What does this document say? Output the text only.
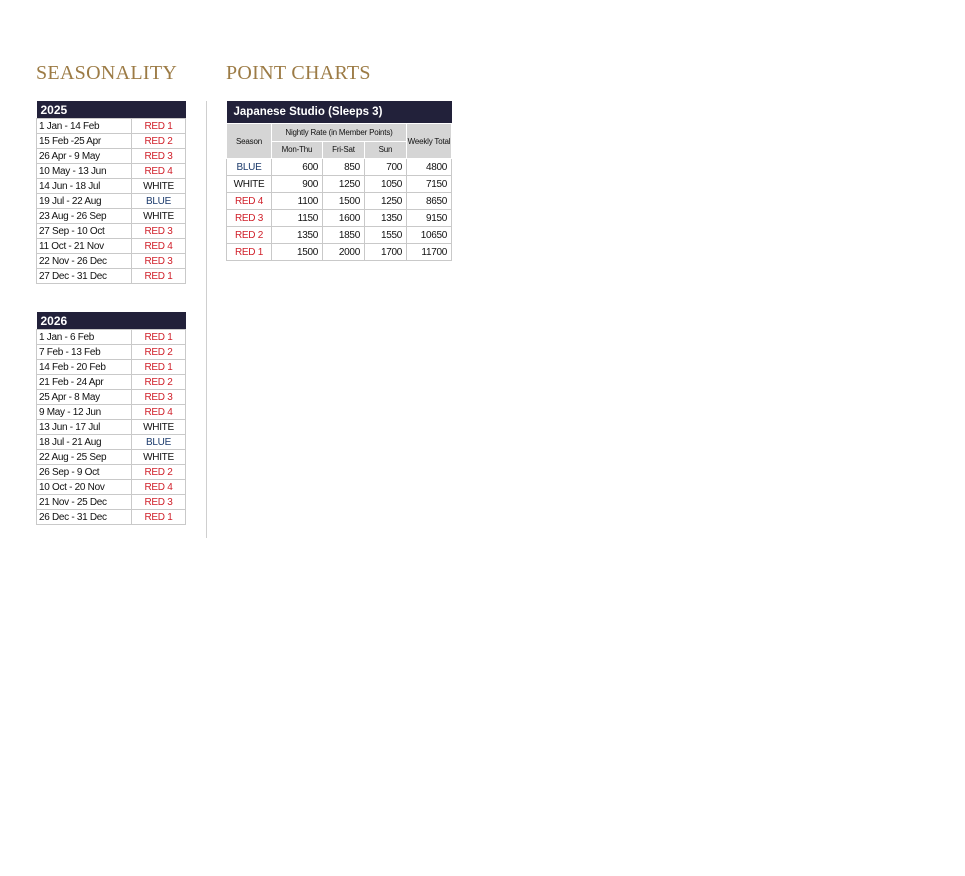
SEASONALITY POINT CHARTS
2025	
1 Jan - 14 Feb	RED 1
15 Feb -25 Apr	RED 2
26 Apr - 9 May	RED 3
10 May - 13 Jun	RED 4
14 Jun - 18 Jul	WHITE
19 Jul - 22 Aug	BLUE
23 Aug - 26 Sep	WHITE
27 Sep - 10 Oct	RED 3
11 Oct - 21 Nov	RED 4
22 Nov - 26 Dec	RED 3
27 Dec - 31 Dec	RED 1
2026	
1 Jan - 6 Feb	RED 1
7 Feb - 13 Feb	RED 2
14 Feb - 20 Feb	RED 1
21 Feb - 24 Apr	RED 2
25 Apr - 8 May	RED 3
9 May - 12 Jun	RED 4
13 Jun - 17 Jul	WHITE
18 Jul - 21 Aug	BLUE
22 Aug - 25 Sep	WHITE
26 Sep - 9 Oct	RED 2
10 Oct - 20 Nov	RED 4
21 Nov - 25 Dec	RED 3
26 Dec - 31 Dec	RED 1
Japanese Studio (Sleeps 3)				
Season	Nightly Rate (in Member Points)			Weekly Total
	Mon-Thu	Fri-Sat	Sun	
BLUE	600	850	700	4800
WHITE	900	1250	1050	7150
RED 4	1100	1500	1250	8650
RED 3	1150	1600	1350	9150
RED 2	1350	1850	1550	10650
RED 1	1500	2000	1700	11700
